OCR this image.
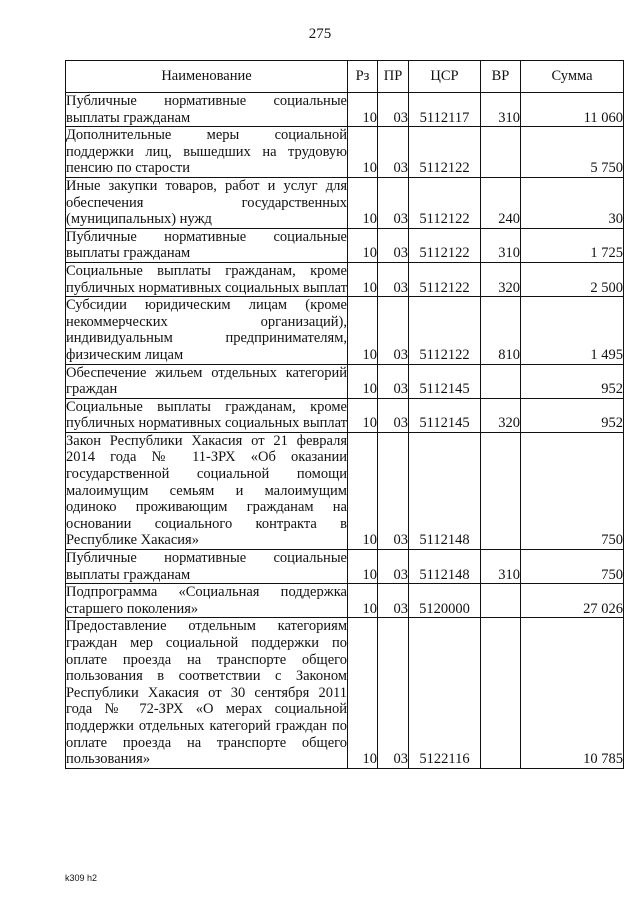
275
Наименование	Рз	ПР	ЦСР	ВР	Сумма
Публичные нормативные социальные выплаты гражданам	10	03	5112117	310	11 060
Дополнительные меры социальной поддержки лиц, вышедших на трудовую пенсию по старости	10	03	5112122		5 750
Иные закупки товаров, работ и услуг для обеспечения государственных (муниципальных) нужд	10	03	5112122	240	30
Публичные нормативные социальные выплаты гражданам	10	03	5112122	310	1 725
Социальные выплаты гражданам, кроме публичных нормативных социальных выплат	10	03	5112122	320	2 500
Субсидии юридическим лицам (кроме некоммерческих организаций), индивидуальным предпринимателям, физическим лицам	10	03	5112122	810	1 495
Обеспечение жильем отдельных категорий граждан	10	03	5112145		952
Социальные выплаты гражданам, кроме публичных нормативных социальных выплат	10	03	5112145	320	952
Закон Республики Хакасия от 21 февраля 2014 года № 11-ЗРХ «Об оказании государственной социальной помощи малоимущим семьям и малоимущим одиноко проживающим гражданам на основании социального контракта в Республике Хакасия»	10	03	5112148		750
Публичные нормативные социальные выплаты гражданам	10	03	5112148	310	750
Подпрограмма «Социальная поддержка старшего поколения»	10	03	5120000		27 026
Предоставление отдельным категориям граждан мер социальной поддержки по оплате проезда на транспорте общего пользования в соответствии с Законом Республики Хакасия от 30 сентября 2011 года № 72-ЗРХ «О мерах социальной поддержки отдельных категорий граждан по оплате проезда на транспорте общего пользования»	10	03	5122116		10 785
k309 h2
